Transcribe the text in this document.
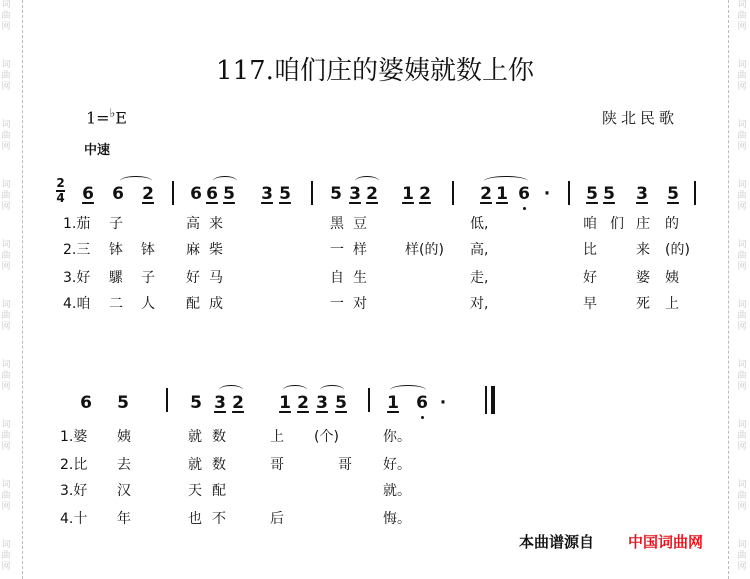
词
曲
网
词
曲
网
词
曲
网
词
曲
网
词
曲
网
词
曲
网
词
曲
网
词
曲
网
词
曲
网
词
曲
网
词
曲
网
词
曲
网
词
曲
网
词
曲
网
词
曲
网
词
曲
网
词
曲
网
词
曲
网
词
曲
网
词
曲
网
117.咱们庄的婆姨就数上你
1=♭E	陕北民歌
中速
2
4 6 6 2 6 6 5 3 5 5 3 2 1 2	2 1 6 · 5 5 3 5
1.茄 子	高 来	黑 豆	低,	咱 们 庄 的
2.三 钵 钵 麻 柴	一 样	样(的) 高,	比	来 (的)
3.好 騾 子 好 马	自 生	走,	好	婆 姨
4.咱 二 人 配 成	一 对	对,	早	死 上
6 5	5 3 2 1 2 3 5 1 6 ·
1.婆 姨	就 数	上 (个)	你。
2.比 去	就 数	哥	哥 好。
3.好 汉	天 配	就。
4.十 年	也 不	后	悔。
本曲谱源自 中国词曲网
